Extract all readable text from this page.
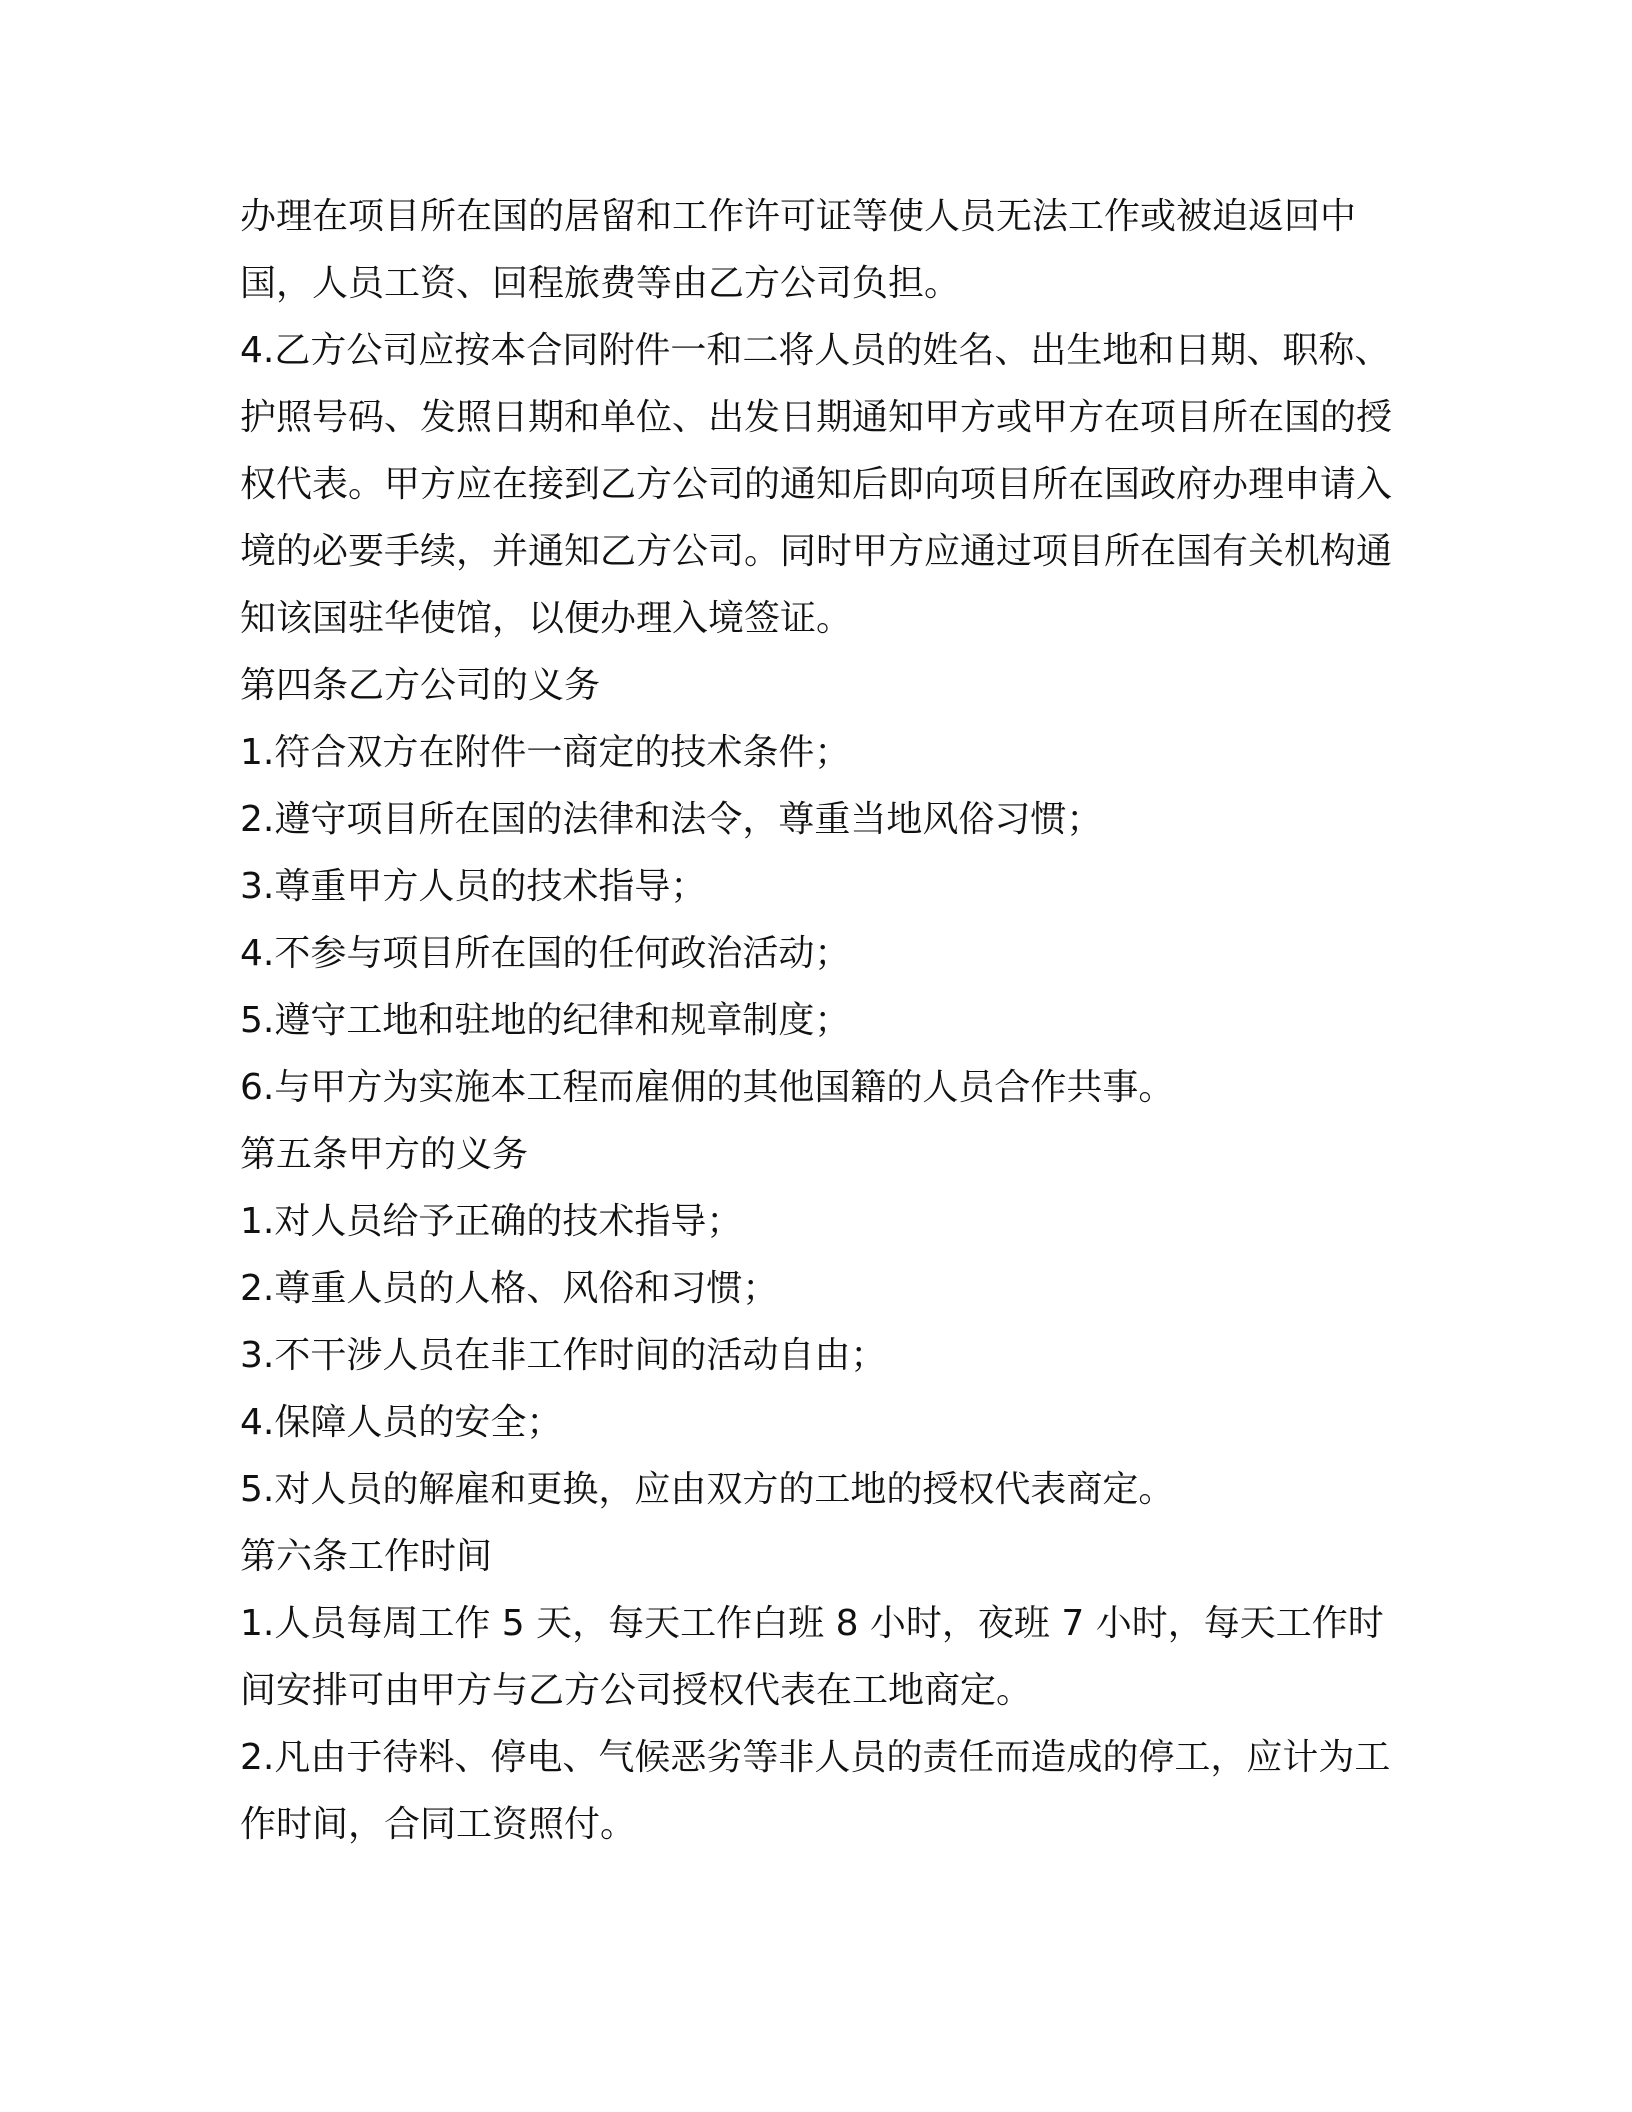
办理在项目所在国的居留和工作许可证等使人员无法工作或被迫返回中国，人员工资、回程旅费等由乙方公司负担。

4.乙方公司应按本合同附件一和二将人员的姓名、出生地和日期、职称、护照号码、发照日期和单位、出发日期通知甲方或甲方在项目所在国的授权代表。甲方应在接到乙方公司的通知后即向项目所在国政府办理申请入境的必要手续，并通知乙方公司。同时甲方应通过项目所在国有关机构通知该国驻华使馆，以便办理入境签证。

第四条乙方公司的义务

1.符合双方在附件一商定的技术条件；

2.遵守项目所在国的法律和法令，尊重当地风俗习惯；

3.尊重甲方人员的技术指导；

4.不参与项目所在国的任何政治活动；

5.遵守工地和驻地的纪律和规章制度；

6.与甲方为实施本工程而雇佣的其他国籍的人员合作共事。

第五条甲方的义务

1.对人员给予正确的技术指导；

2.尊重人员的人格、风俗和习惯；

3.不干涉人员在非工作时间的活动自由；

4.保障人员的安全；

5.对人员的解雇和更换，应由双方的工地的授权代表商定。

第六条工作时间

1.人员每周工作 5 天，每天工作白班 8 小时，夜班 7 小时，每天工作时间安排可由甲方与乙方公司授权代表在工地商定。

2.凡由于待料、停电、气候恶劣等非人员的责任而造成的停工，应计为工作时间，合同工资照付。
